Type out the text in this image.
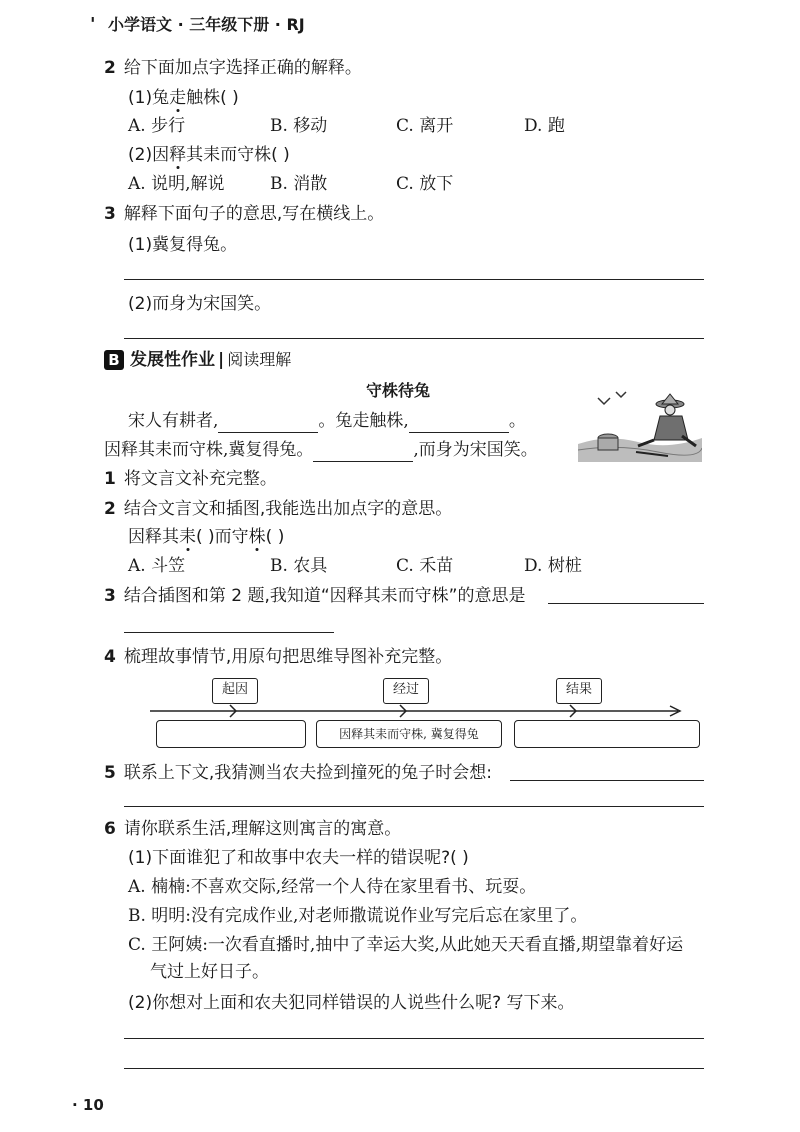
' 小学语文 · 三年级下册 · RJ
2 给下面加点字选择正确的解释。
(1)兔走触株( )
A. 步行	B. 移动	C. 离开	D. 跑
(2)因释其耒而守株( )
A. 说明,解说	B. 消散	C. 放下
3 解释下面句子的意思,写在横线上。
(1)冀复得兔。
(2)而身为宋国笑。
B 发展性作业 | 阅读理解
守株待兔
宋人有耕者,	。兔走触株,	。
因释其耒而守株,冀复得兔。	,而身为宋国笑。
1 将文言文补充完整。
2 结合文言文和插图,我能选出加点字的意思。
因释其耒( )而守株( )
A. 斗笠	B. 农具	C. 禾苗	D. 树桩
3 结合插图和第 2 题,我知道“因释其耒而守株”的意思是
4 梳理故事情节,用原句把思维导图补充完整。
起因	经过	结果
因释其耒而守株, 冀复得兔
5 联系上下文,我猜测当农夫捡到撞死的兔子时会想:
6 请你联系生活,理解这则寓言的寓意。
(1)下面谁犯了和故事中农夫一样的错误呢?( )
A. 楠楠:不喜欢交际,经常一个人待在家里看书、玩耍。
B. 明明:没有完成作业,对老师撒谎说作业写完后忘在家里了。
C. 王阿姨:一次看直播时,抽中了幸运大奖,从此她天天看直播,期望靠着好运
气过上好日子。
(2)你想对上面和农夫犯同样错误的人说些什么呢? 写下来。
· 10
